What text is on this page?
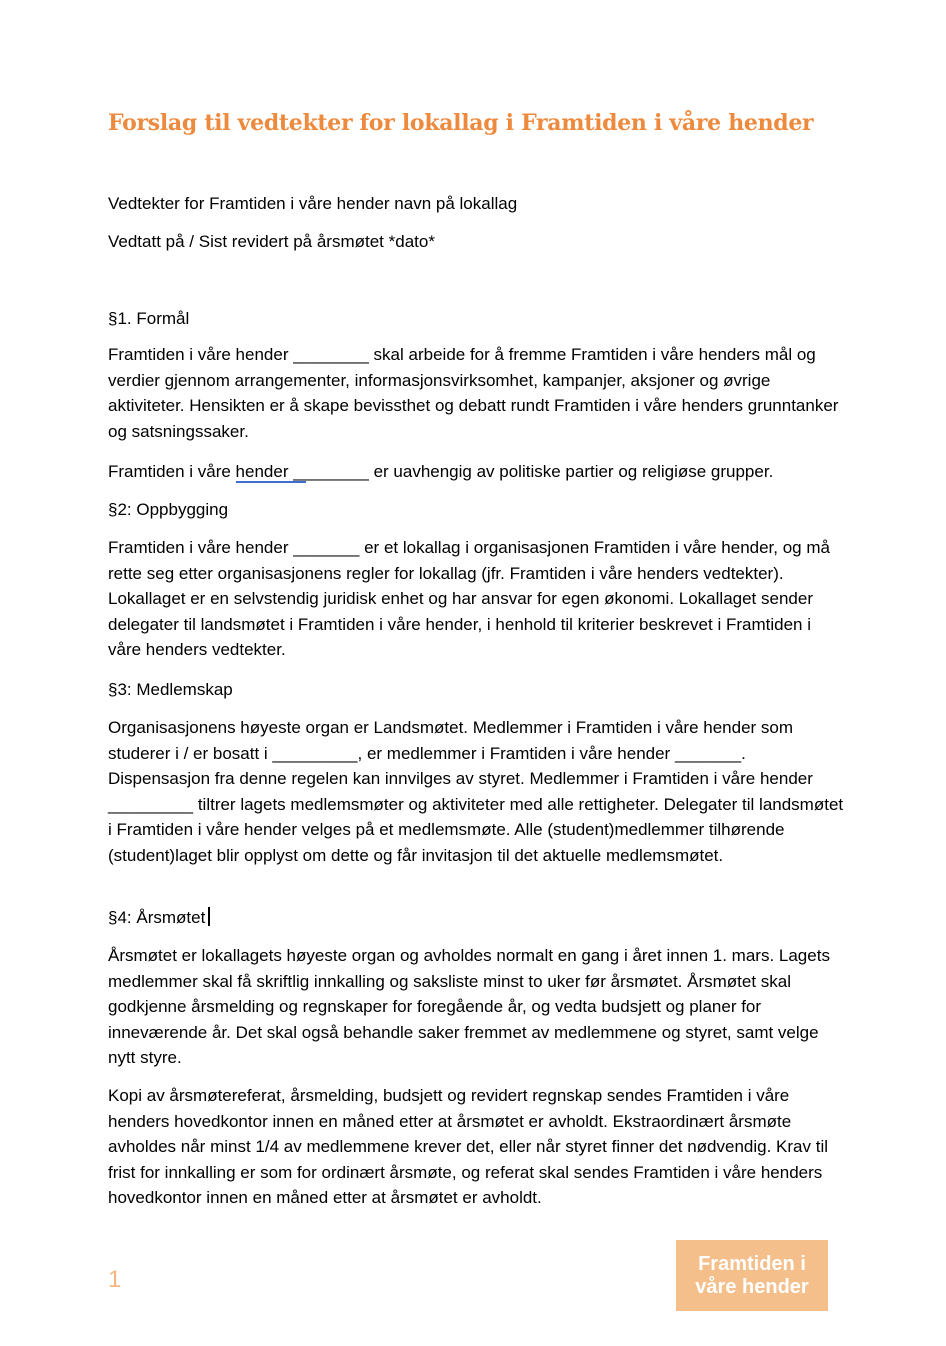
Forslag til vedtekter for lokallag i Framtiden i våre hender

Vedtekter for Framtiden i våre hender navn på lokallag

Vedtatt på / Sist revidert på årsmøtet *dato*

§1. Formål

Framtiden i våre hender ________ skal arbeide for å fremme Framtiden i våre henders mål og verdier gjennom arrangementer, informasjonsvirksomhet, kampanjer, aksjoner og øvrige aktiviteter. Hensikten er å skape bevissthet og debatt rundt Framtiden i våre henders grunntanker og satsningssaker.

Framtiden i våre hender ________ er uavhengig av politiske partier og religiøse grupper.

§2: Oppbygging

Framtiden i våre hender _______ er et lokallag i organisasjonen Framtiden i våre hender, og må rette seg etter organisasjonens regler for lokallag (jfr. Framtiden i våre henders vedtekter). Lokallaget er en selvstendig juridisk enhet og har ansvar for egen økonomi. Lokallaget sender delegater til landsmøtet i Framtiden i våre hender, i henhold til kriterier beskrevet i Framtiden i våre henders vedtekter.

§3: Medlemskap

Organisasjonens høyeste organ er Landsmøtet. Medlemmer i Framtiden i våre hender som studerer i / er bosatt i _________, er medlemmer i Framtiden i våre hender _______. Dispensasjon fra denne regelen kan innvilges av styret. Medlemmer i Framtiden i våre hender _________ tiltrer lagets medlemsmøter og aktiviteter med alle rettigheter. Delegater til landsmøtet i Framtiden i våre hender velges på et medlemsmøte. Alle (student)medlemmer tilhørende (student)laget blir opplyst om dette og får invitasjon til det aktuelle medlemsmøtet.

§4: Årsmøtet

Årsmøtet er lokallagets høyeste organ og avholdes normalt en gang i året innen 1. mars. Lagets medlemmer skal få skriftlig innkalling og saksliste minst to uker før årsmøtet. Årsmøtet skal godkjenne årsmelding og regnskaper for foregående år, og vedta budsjett og planer for inneværende år. Det skal også behandle saker fremmet av medlemmene og styret, samt velge nytt styre.

Kopi av årsmøtereferat, årsmelding, budsjett og revidert regnskap sendes Framtiden i våre henders hovedkontor innen en måned etter at årsmøtet er avholdt. Ekstraordinært årsmøte avholdes når minst 1/4 av medlemmene krever det, eller når styret finner det nødvendig. Krav til frist for innkalling er som for ordinært årsmøte, og referat skal sendes Framtiden i våre henders hovedkontor innen en måned etter at årsmøtet er avholdt.

1
Framtiden i
våre hender
